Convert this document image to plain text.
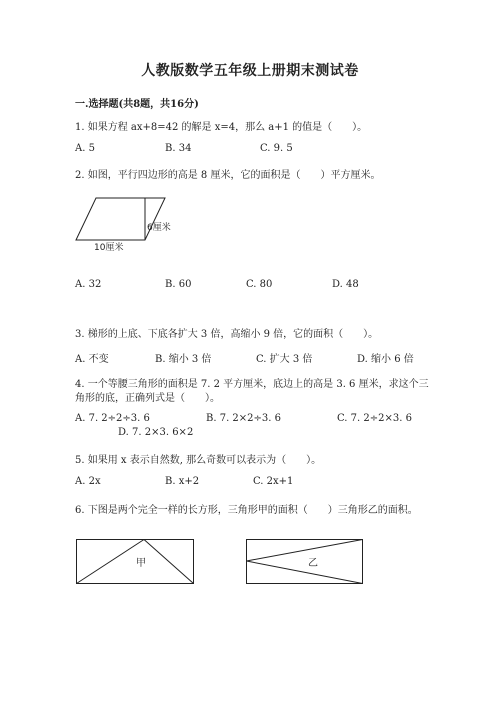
人教版数学五年级上册期末测试卷
一.选择题(共8题，共16分)
1. 如果方程 ax+8=42 的解是 x=4，那么 a+1 的值是（　　）。
A. 5	B. 34	C. 9. 5
2. 如图，平行四边形的高是 8 厘米，它的面积是（　　）平方厘米。
6厘米
10厘米
A. 32	B. 60	C. 80	D. 48
3. 梯形的上底、下底各扩大 3 倍，高缩小 9 倍，它的面积（　　）。
A. 不变	B. 缩小 3 倍	C. 扩大 3 倍	D. 缩小 6 倍
4. 一个等腰三角形的面积是 7. 2 平方厘米，底边上的高是 3. 6 厘米，求这个三
角形的底，正确列式是（　　）。
A. 7. 2÷2÷3. 6	B. 7. 2×2÷3. 6	C. 7. 2÷2×3. 6
D. 7. 2×3. 6×2
5. 如果用 x 表示自然数, 那么奇数可以表示为（　　）。
A. 2x	B. x+2	C. 2x+1
6. 下图是两个完全一样的长方形，三角形甲的面积（　　）三角形乙的面积。
甲	乙
